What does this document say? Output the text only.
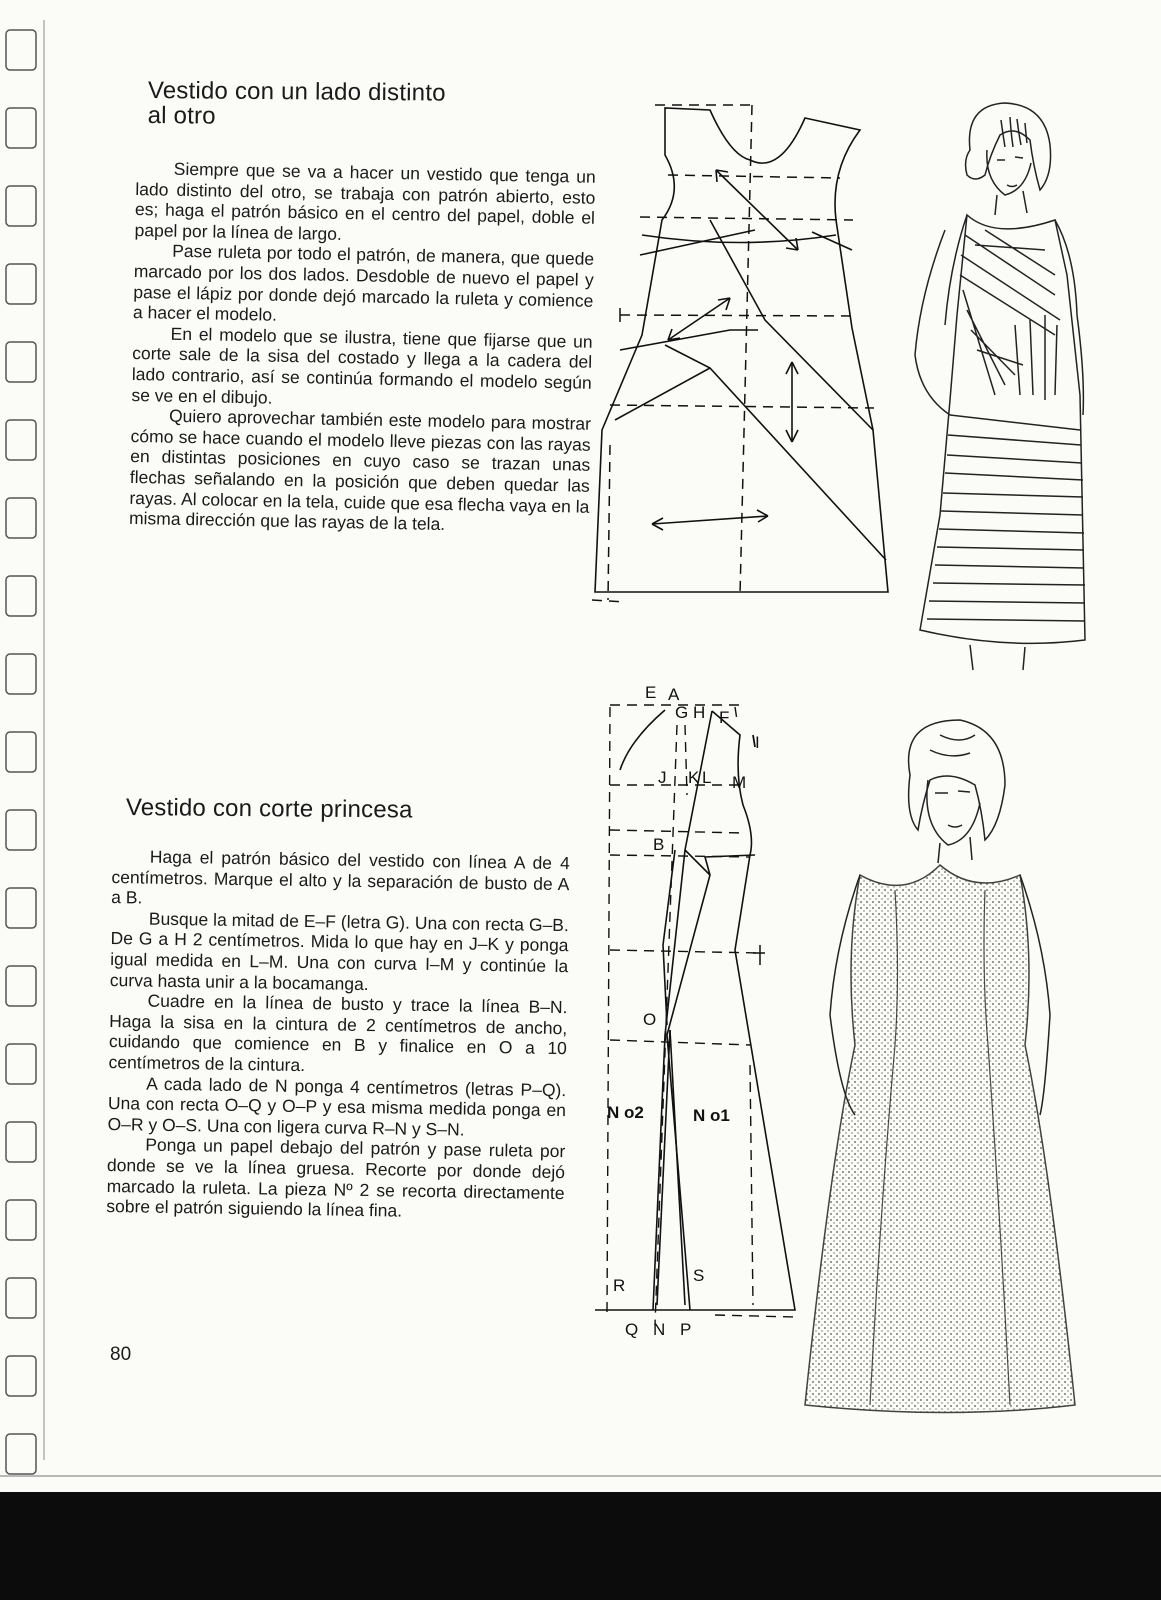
Vestido con un lado distinto
al otro

Siempre que se va a hacer un vestido que tenga un lado distinto del otro, se trabaja con patrón abierto, esto es; haga el patrón básico en el centro del papel, doble el papel por la línea de largo.

Pase ruleta por todo el patrón, de manera, que quede marcado por los dos lados. Desdoble de nuevo el papel y pase el lápiz por donde dejó marcado la ruleta y comience a hacer el modelo.

En el modelo que se ilustra, tiene que fijarse que un corte sale de la sisa del costado y llega a la cadera del lado contrario, así se continúa formando el modelo según se ve en el dibujo.

Quiero aprovechar también este modelo para mostrar cómo se hace cuando el modelo lleve piezas con las rayas en distintas posiciones en cuyo caso se trazan unas flechas señalando en la posición que deben quedar las rayas. Al colocar en la tela, cuide que esa flecha vaya en la misma dirección que las rayas de la tela.

Vestido con corte princesa

Haga el patrón básico del vestido con línea A de 4 centímetros. Marque el alto y la separación de busto de A a B.

Busque la mitad de E–F (letra G). Una con recta G–B. De G a H 2 centímetros. Mida lo que hay en J–K y ponga igual medida en L–M. Una con curva I–M y continúe la curva hasta unir a la bocamanga.

Cuadre en la línea de busto y trace la línea B–N. Haga la sisa en la cintura de 2 centímetros de ancho, cuidando que comience en B y finalice en O a 10 centímetros de la cintura.

A cada lado de N ponga 4 centímetros (letras P–Q). Una con recta O–Q y O–P y esa misma medida ponga en O–R y O–S. Una con ligera curva R–N y S–N.

Ponga un papel debajo del patrón y pase ruleta por donde se ve la línea gruesa. Recorte por donde dejó marcado la ruleta. La pieza Nº 2 se recorta directamente sobre el patrón siguiendo la línea fina.

E A
G H F
I
J K L M
B
O
N o2	N o1
R
S
Q N P
80
